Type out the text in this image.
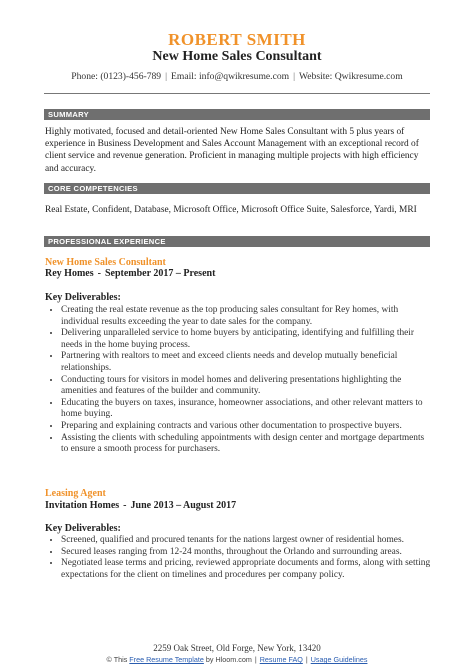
ROBERT SMITH
New Home Sales Consultant
Phone: (0123)-456-789 | Email: info@qwikresume.com | Website: Qwikresume.com
SUMMARY
Highly motivated, focused and detail-oriented New Home Sales Consultant with 5 plus years of experience in Business Development and Sales Account Management with an exceptional record of client service and revenue generation. Proficient in managing multiple projects with high efficiency and accuracy.
CORE COMPETENCIES
Real Estate, Confident, Database, Microsoft Office, Microsoft Office Suite, Salesforce, Yardi, MRI
PROFESSIONAL EXPERIENCE
New Home Sales Consultant
Rey Homes - September 2017 – Present
Key Deliverables:
• Creating the real estate revenue as the top producing sales consultant for Rey homes, with individual results exceeding the year to date sales for the company.
• Delivering unparalleled service to home buyers by anticipating, identifying and fulfilling their needs in the home buying process.
• Partnering with realtors to meet and exceed clients needs and develop mutually beneficial relationships.
• Conducting tours for visitors in model homes and delivering presentations highlighting the amenities and features of the builder and community.
• Educating the buyers on taxes, insurance, homeowner associations, and other relevant matters to home buying.
• Preparing and explaining contracts and various other documentation to prospective buyers.
• Assisting the clients with scheduling appointments with design center and mortgage departments to ensure a smooth process for purchasers.
Leasing Agent
Invitation Homes - June 2013 – August 2017
Key Deliverables:
• Screened, qualified and procured tenants for the nations largest owner of residential homes.
• Secured leases ranging from 12-24 months, throughout the Orlando and surrounding areas.
• Negotiated lease terms and pricing, reviewed appropriate documents and forms, along with setting expectations for the client on timelines and procedures per company policy.
2259 Oak Street, Old Forge, New York, 13420
© This Free Resume Template by Hloom.com | Resume FAQ | Usage Guidelines
